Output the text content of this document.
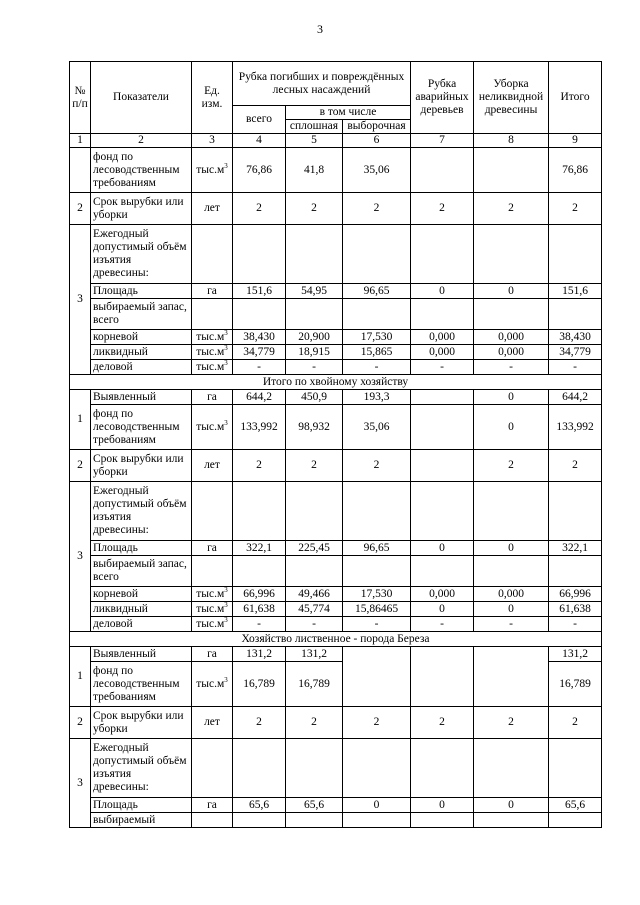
3
№ п/п	Показатели	Ед. изм.	Рубка погибших и повреждённых лесных насаждений			Рубка аварийных деревьев	Уборка неликвидной древесины	Итого
			всего	в том числе				
				сплошная	выборочная			
1	2	3	4	5	6	7	8	9
	фонд по лесоводственным требованиям	$тыс.м^3$	76,86	41,8	35,06			76,86
2	Срок вырубки или уборки	лет	2	2	2	2	2	2
3	Ежегодный допустимый объём изъятия древесины:							
	Площадь	га	151,6	54,95	96,65	0	0	151,6
	выбираемый запас, всего							
	корневой	$тыс.м^3$	38,430	20,900	17,530	0,000	0,000	38,430
	ликвидный	$тыс.м^3$	34,779	18,915	15,865	0,000	0,000	34,779
	деловой	$тыс.м^3$	-	-	-	-	-	-
Итого по хвойному хозяйству								
1	Выявленный	га	644,2	450,9	193,3		0	644,2
	фонд по лесоводственным требованиям	$тыс.м^3$	133,992	98,932	35,06		0	133,992
2	Срок вырубки или уборки	лет	2	2	2		2	2
3	Ежегодный допустимый объём изъятия древесины:							
	Площадь	га	322,1	225,45	96,65	0	0	322,1
	выбираемый запас, всего							
	корневой	$тыс.м^3$	66,996	49,466	17,530	0,000	0,000	66,996
	ликвидный	$тыс.м^3$	61,638	45,774	15,86465	0	0	61,638
	деловой	$тыс.м^3$	-	-	-	-	-	-
Хозяйство лиственное - порода Береза								
1	Выявленный	га	131,2	131,2				131,2
	фонд по лесоводственным требованиям	$тыс.м^3$	16,789	16,789				16,789
2	Срок вырубки или уборки	лет	2	2	2	2	2	2
3	Ежегодный допустимый объём изъятия древесины:							
	Площадь	га	65,6	65,6	0	0	0	65,6
	выбираемый							
